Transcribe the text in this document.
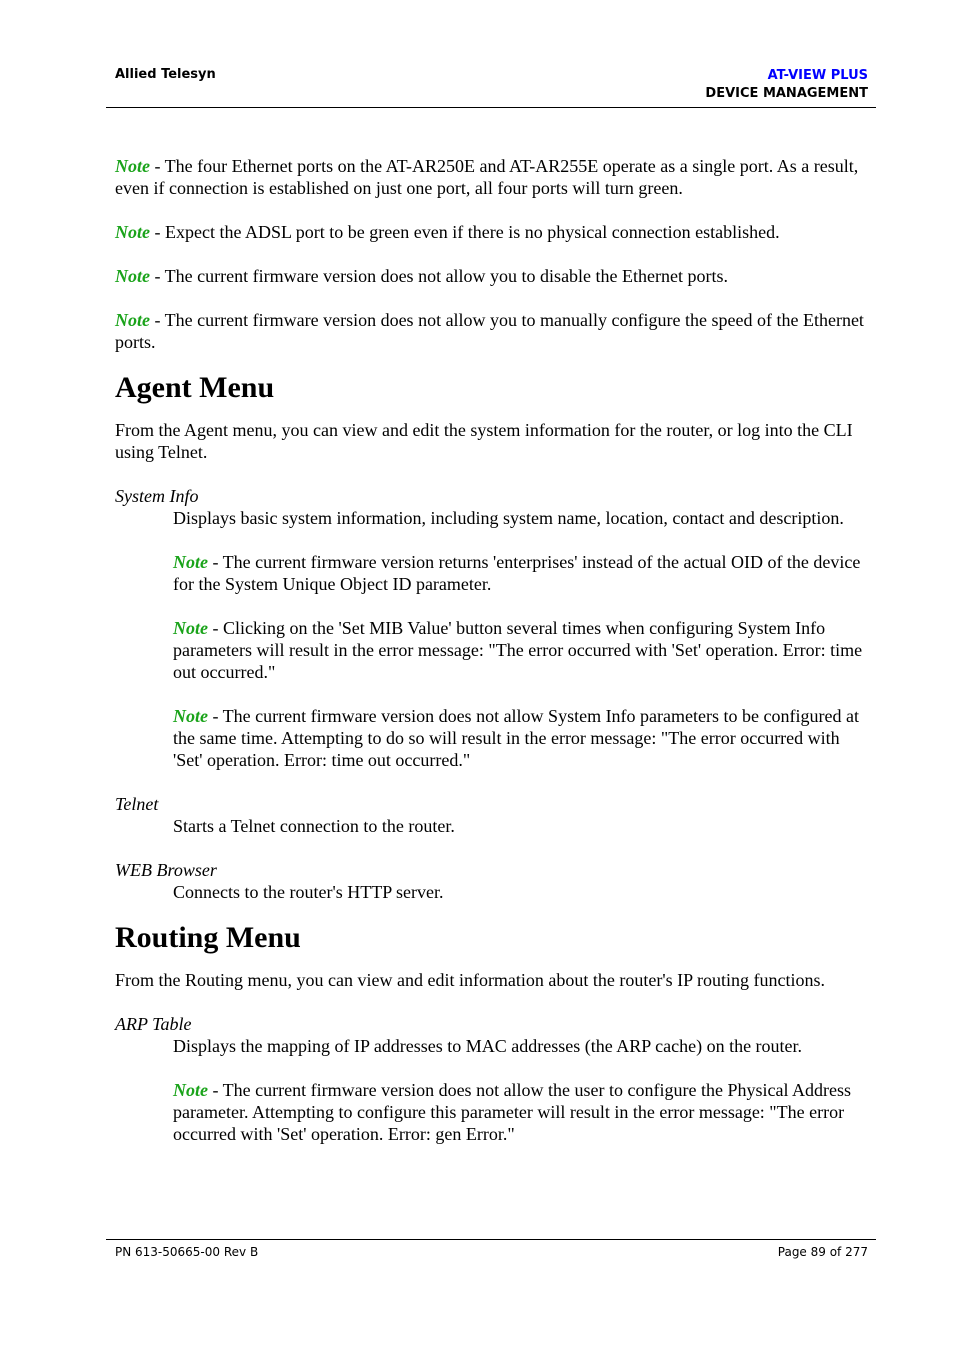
Allied Telesyn	AT-VIEW PLUS
DEVICE MANAGEMENT

Note - The four Ethernet ports on the AT-AR250E and AT-AR255E operate as a single port. As a result, even if connection is established on just one port, all four ports will turn green.

Note - Expect the ADSL port to be green even if there is no physical connection established.

Note - The current firmware version does not allow you to disable the Ethernet ports.

Note - The current firmware version does not allow you to manually configure the speed of the Ethernet ports.

Agent Menu

From the Agent menu, you can view and edit the system information for the router, or log into the CLI using Telnet.

System Info

Displays basic system information, including system name, location, contact and description.

Note - The current firmware version returns 'enterprises' instead of the actual OID of the device for the System Unique Object ID parameter.

Note - Clicking on the 'Set MIB Value' button several times when configuring System Info parameters will result in the error message: "The error occurred with 'Set' operation. Error: time out occurred."

Note - The current firmware version does not allow System Info parameters to be configured at the same time. Attempting to do so will result in the error message: "The error occurred with 'Set' operation. Error: time out occurred."

Telnet

Starts a Telnet connection to the router.

WEB Browser

Connects to the router's HTTP server.

Routing Menu

From the Routing menu, you can view and edit information about the router's IP routing functions.

ARP Table

Displays the mapping of IP addresses to MAC addresses (the ARP cache) on the router.

Note - The current firmware version does not allow the user to configure the Physical Address parameter. Attempting to configure this parameter will result in the error message: "The error occurred with 'Set' operation. Error: gen Error."

PN 613-50665-00 Rev B	Page 89 of 277
